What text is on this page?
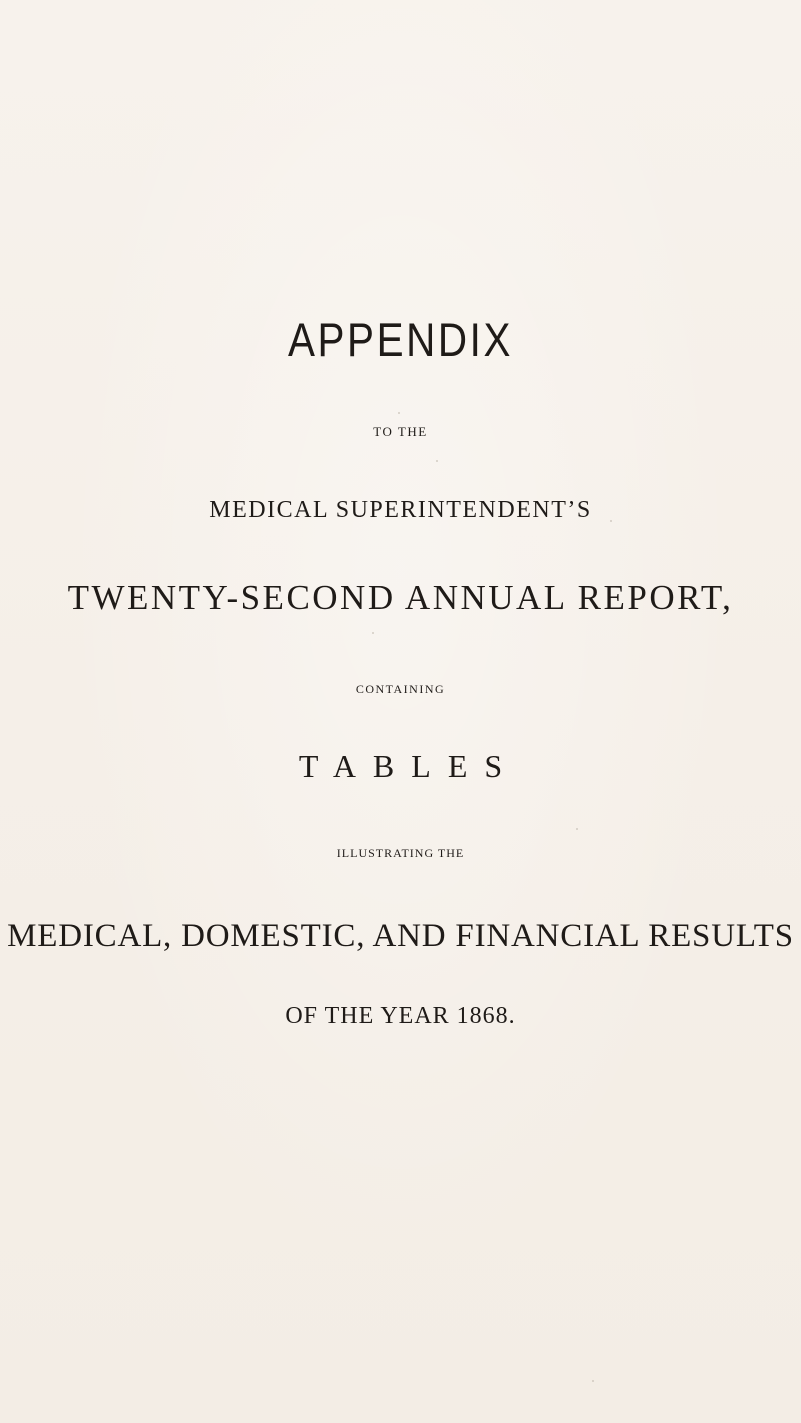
APPENDIX
TO THE
MEDICAL SUPERINTENDENT’S
TWENTY-SECOND ANNUAL REPORT,
CONTAINING
TABLES
ILLUSTRATING THE
MEDICAL, DOMESTIC, AND FINANCIAL RESULTS
OF THE YEAR 1868.
